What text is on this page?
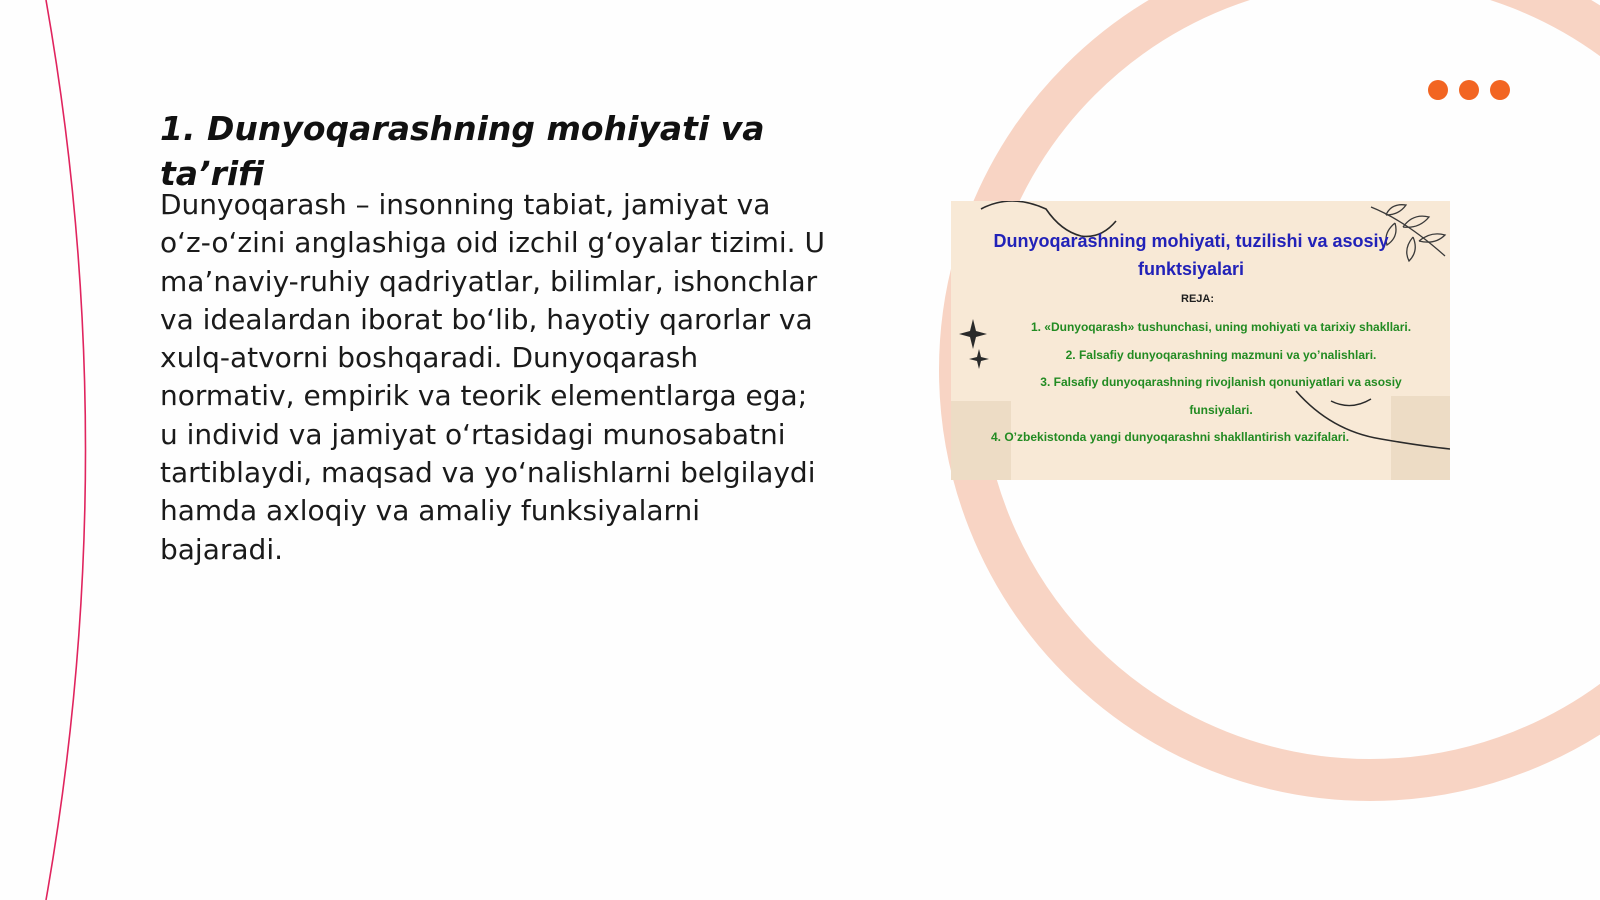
1. Dunyoqarashning mohiyati va ta’rifi

Dunyoqarash – insonning tabiat, jamiyat va o‘z-o‘zini anglashiga oid izchil g‘oyalar tizimi. U ma’naviy-ruhiy qadriyatlar, bilimlar, ishonchlar va idealardan iborat bo‘lib, hayotiy qarorlar va xulq-atvorni boshqaradi. Dunyoqarash normativ, empirik va teorik elementlarga ega; u individ va jamiyat o‘rtasidagi munosabatni tartiblaydi, maqsad va yo‘nalishlarni belgilaydi hamda axloqiy va amaliy funksiyalarni bajaradi.

Dunyoqarashning mohiyati, tuzilishi va asosiy funktsiyalari
REJA:
1. «Dunyoqarash» tushunchasi, uning mohiyati va tarixiy shakllari.
2. Falsafiy dunyoqarashning mazmuni va yo’nalishlari.
3. Falsafiy dunyoqarashning rivojlanish qonuniyatlari va asosiy
funsiyalari.
4. O’zbekistonda yangi dunyoqarashni shakllantirish vazifalari.
